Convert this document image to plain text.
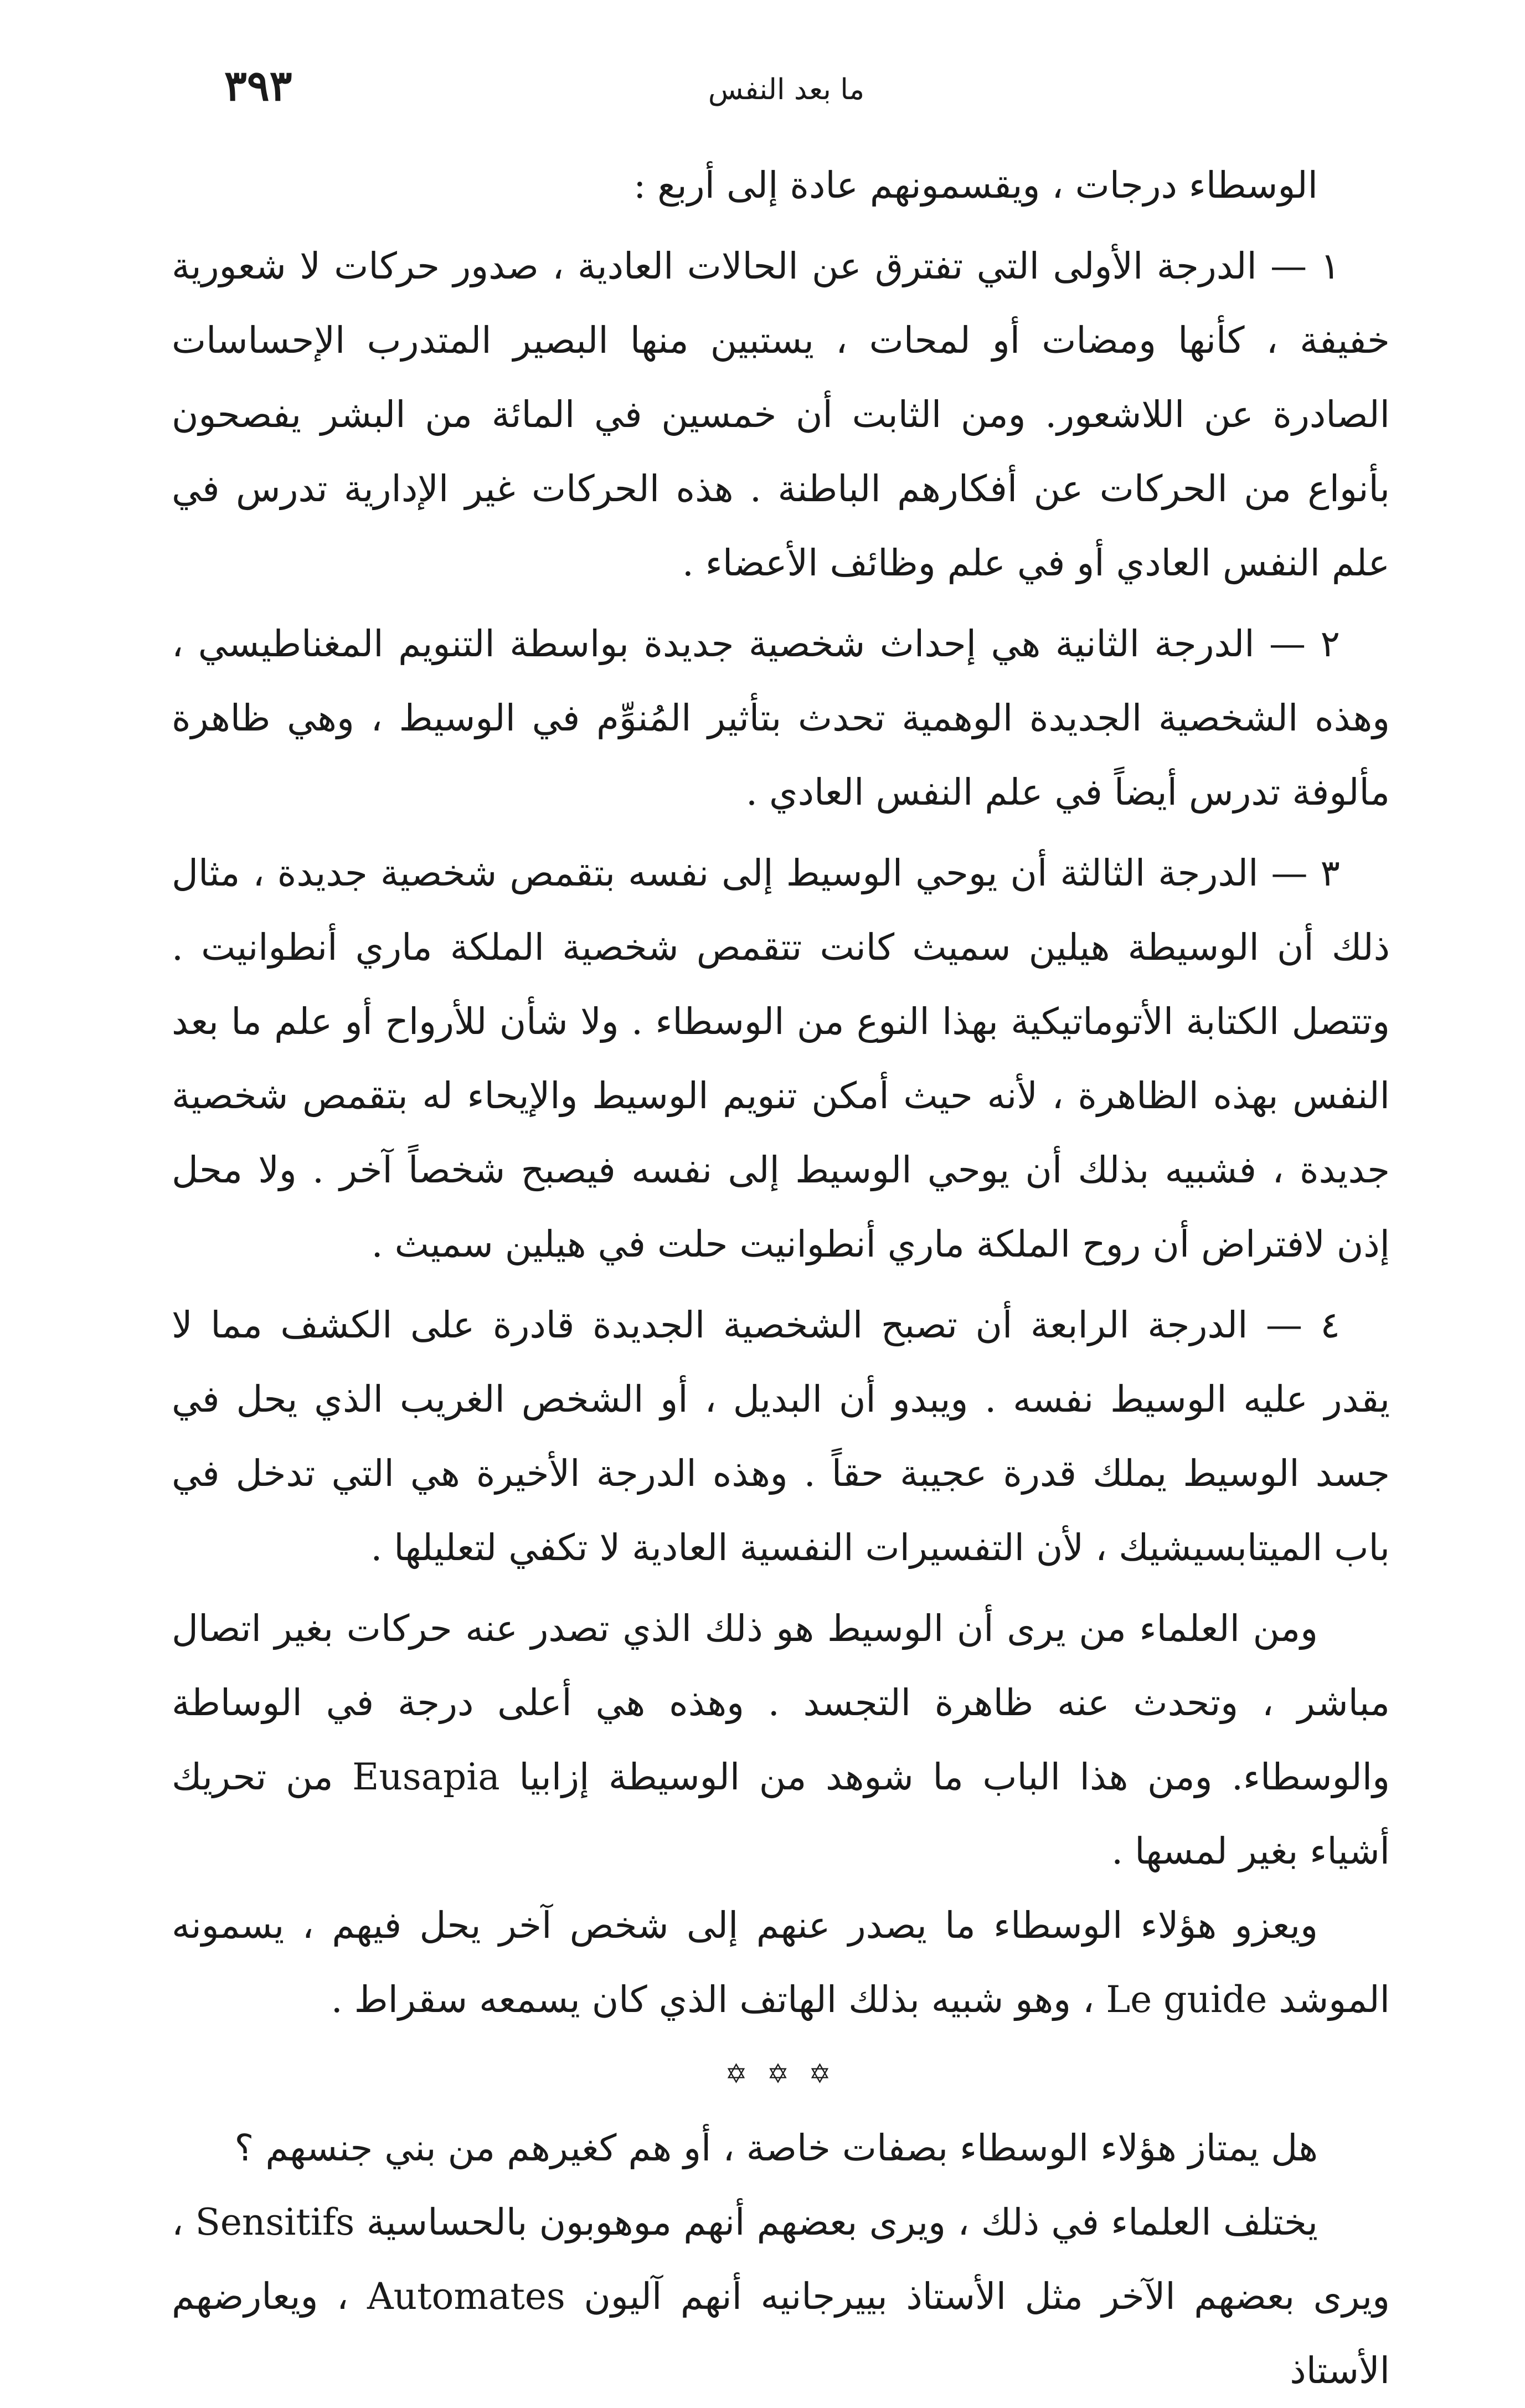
ما بعد النفس
٣٩٣

الوسطاء درجات ، ويقسمونهم عادة إلى أربع :

١ — الدرجة الأولى التي تفترق عن الحالات العادية ، صدور حركات لا شعورية خفيفة ، كأنها ومضات أو لمحات ، يستبين منها البصير المتدرب الإحساسات الصادرة عن اللاشعور. ومن الثابت أن خمسين في المائة من البشر يفصحون بأنواع من الحركات عن أفكارهم الباطنة . هذه الحركات غير الإدارية تدرس في علم النفس العادي أو في علم وظائف الأعضاء .

٢ — الدرجة الثانية هي إحداث شخصية جديدة بواسطة التنويم المغناطيسي ، وهذه الشخصية الجديدة الوهمية تحدث بتأثير المُنوِّم في الوسيط ، وهي ظاهرة مألوفة تدرس أيضاً في علم النفس العادي .

٣ — الدرجة الثالثة أن يوحي الوسيط إلى نفسه بتقمص شخصية جديدة ، مثال ذلك أن الوسيطة هيلين سميث كانت تتقمص شخصية الملكة ماري أنطوانيت . وتتصل الكتابة الأتوماتيكية بهذا النوع من الوسطاء . ولا شأن للأرواح أو علم ما بعد النفس بهذه الظاهرة ، لأنه حيث أمكن تنويم الوسيط والإيحاء له بتقمص شخصية جديدة ، فشبيه بذلك أن يوحي الوسيط إلى نفسه فيصبح شخصاً آخر . ولا محل إذن لافتراض أن روح الملكة ماري أنطوانيت حلت في هيلين سميث .

٤ — الدرجة الرابعة أن تصبح الشخصية الجديدة قادرة على الكشف مما لا يقدر عليه الوسيط نفسه . ويبدو أن البديل ، أو الشخص الغريب الذي يحل في جسد الوسيط يملك قدرة عجيبة حقاً . وهذه الدرجة الأخيرة هي التي تدخل في باب الميتابسيشيك ، لأن التفسيرات النفسية العادية لا تكفي لتعليلها .

ومن العلماء من يرى أن الوسيط هو ذلك الذي تصدر عنه حركات بغير اتصال مباشر ، وتحدث عنه ظاهرة التجسد . وهذه هي أعلى درجة في الوساطة والوسطاء. ومن هذا الباب ما شوهد من الوسيطة إزابيا Eusapia من تحريك أشياء بغير لمسها .

ويعزو هؤلاء الوسطاء ما يصدر عنهم إلى شخص آخر يحل فيهم ، يسمونه الموشد Le guide ، وهو شبيه بذلك الهاتف الذي كان يسمعه سقراط .

✡ ✡ ✡

هل يمتاز هؤلاء الوسطاء بصفات خاصة ، أو هم كغيرهم من بني جنسهم ؟

يختلف العلماء في ذلك ، ويرى بعضهم أنهم موهوبون بالحساسية Sensitifs ، ويرى بعضهم الآخر مثل الأستاذ بييرجانيه أنهم آليون Automates ، ويعارضهم الأستاذ
